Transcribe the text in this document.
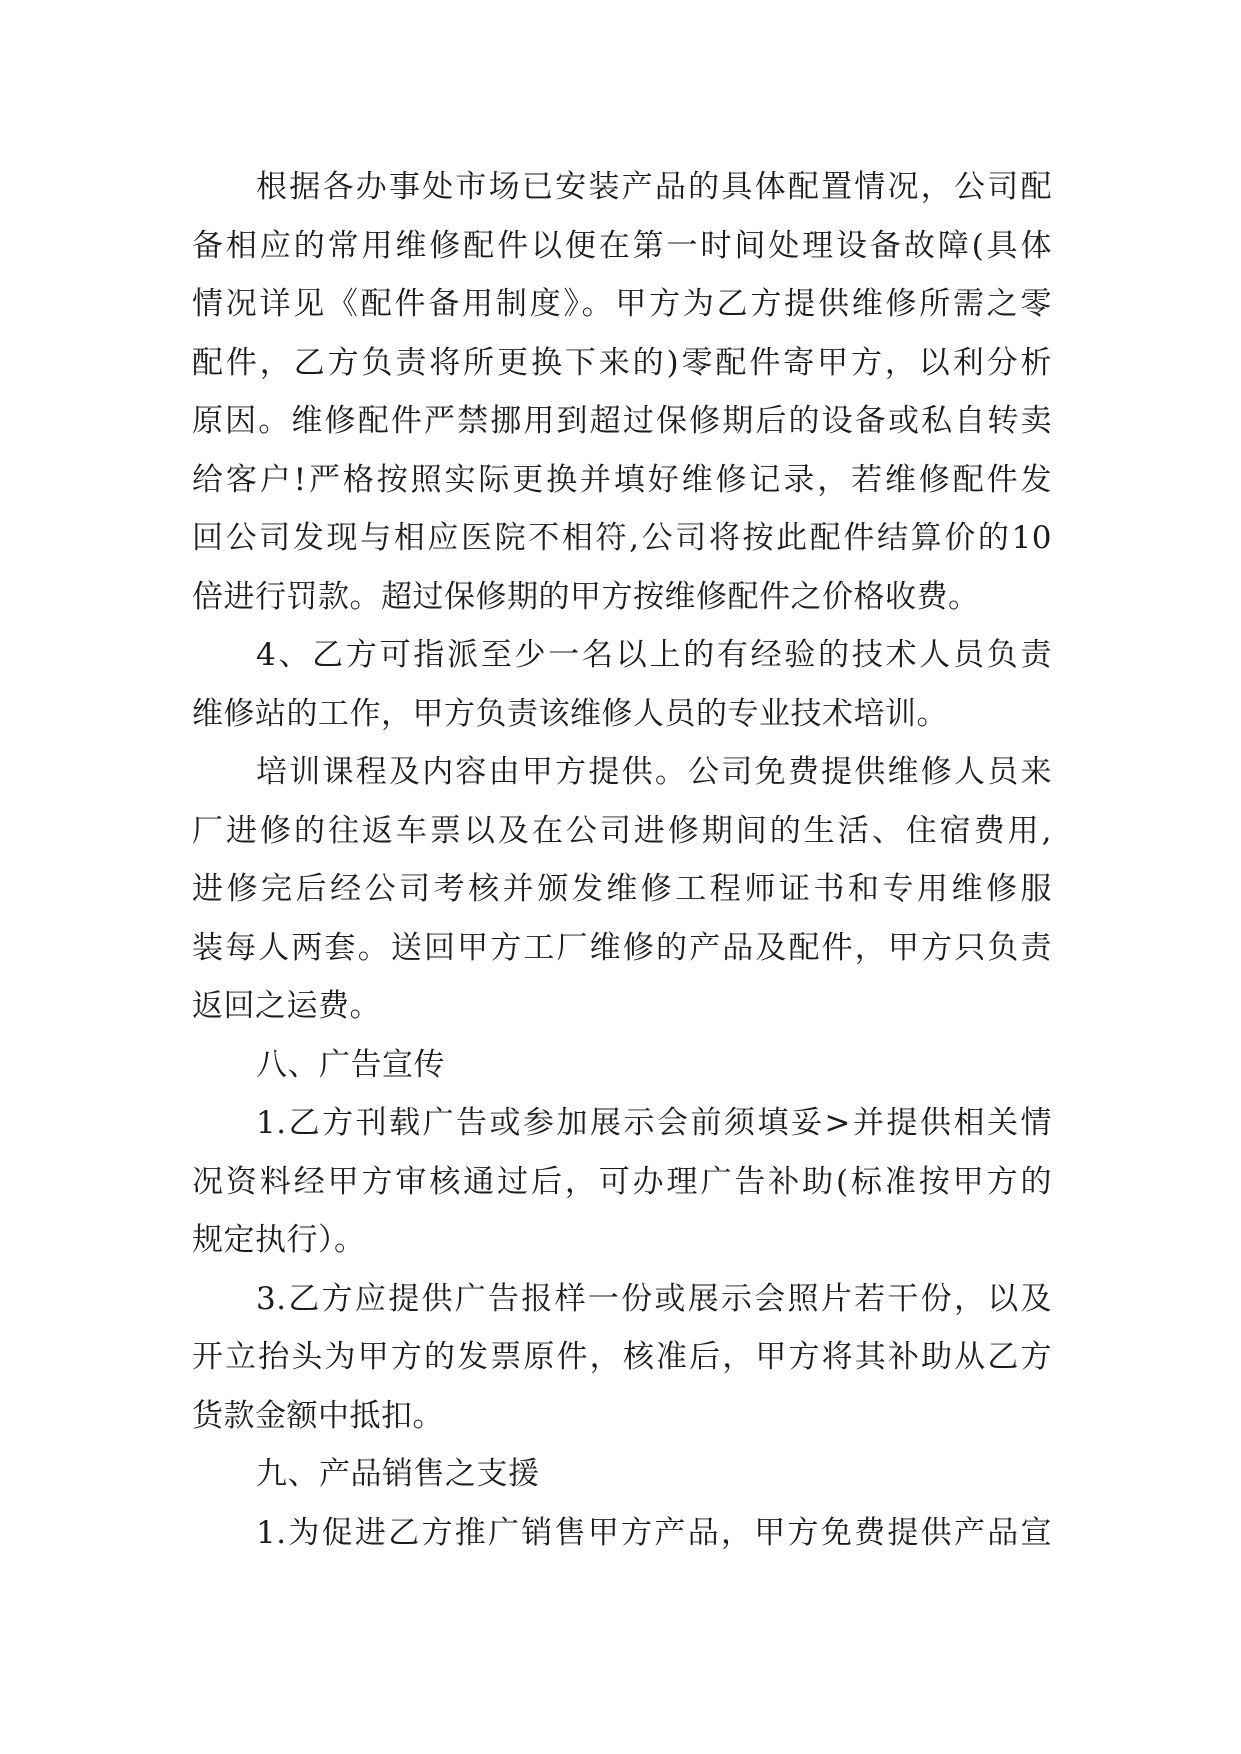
根据各办事处市场已安装产品的具体配置情况，公司配
备相应的常用维修配件以便在第一时间处理设备故障(具体
情况详见《配件备用制度》。甲方为乙方提供维修所需之零
配件，乙方负责将所更换下来的)零配件寄甲方，以利分析
原因。维修配件严禁挪用到超过保修期后的设备或私自转卖
给客户!严格按照实际更换并填好维修记录，若维修配件发
回公司发现与相应医院不相符,公司将按此配件结算价的10
倍进行罚款。超过保修期的甲方按维修配件之价格收费。
4、乙方可指派至少一名以上的有经验的技术人员负责
维修站的工作，甲方负责该维修人员的专业技术培训。
培训课程及内容由甲方提供。公司免费提供维修人员来
厂进修的往返车票以及在公司进修期间的生活、住宿费用,
进修完后经公司考核并颁发维修工程师证书和专用维修服
装每人两套。送回甲方工厂维修的产品及配件，甲方只负责
返回之运费。
八、广告宣传
1.乙方刊载广告或参加展示会前须填妥>并提供相关情
况资料经甲方审核通过后，可办理广告补助(标准按甲方的
规定执行）。
3.乙方应提供广告报样一份或展示会照片若干份，以及
开立抬头为甲方的发票原件，核准后，甲方将其补助从乙方
货款金额中抵扣。
九、产品销售之支援
1.为促进乙方推广销售甲方产品，甲方免费提供产品宣
